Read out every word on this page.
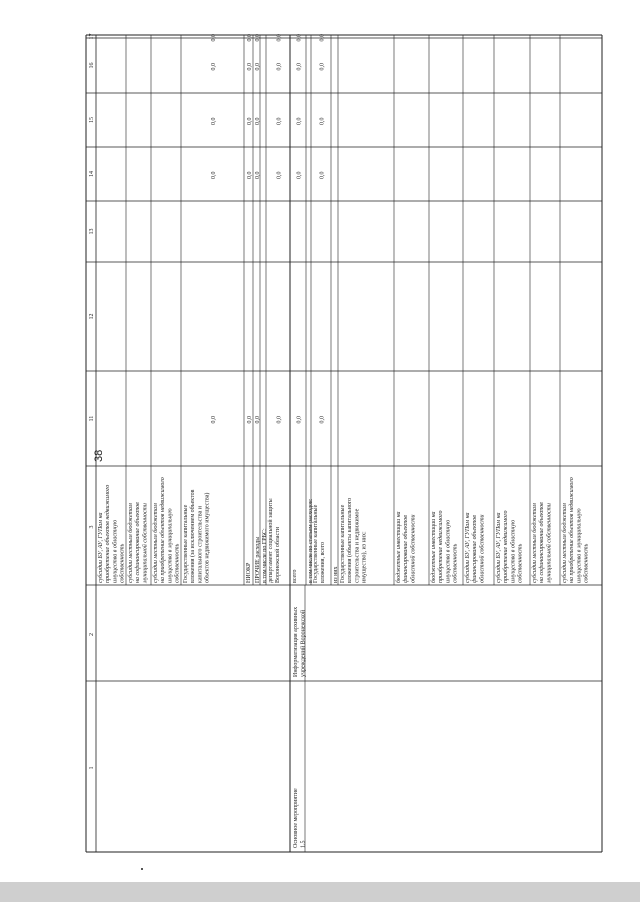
38
1
2
3
11
12
13
14
15
16
17
субсидии БУ, АУ, ГУПам на приобретение объектов недвижимого имущества в областную собственность субсидии местным бюджетам на софинансирование объектов муниципальной собственности субсидии местным бюджетам на приобретение объектов недвижимого имущества в муниципальную собственность Государственные капитальные вложения (за исключением объектов капитального строительства и объектов недвижимого имущества)
0,0
0,0
0,0
0,0
0,0
НИОКР
0,0
0,0
0,0
0,0
0,0
ПРОЧИЕ расходы
0,0
0,0
0,0
0,0
0,0
в том числе по ГРБС: департамент социальной защиты Воронежской области
0,0
0,0
0,0
0,0
0,0
всего
0,0
0,0
0,0
0,0
0,0
в том числе по статьям расходов: Государственные капитальные вложения, всего
0,0
0,0
0,0
0,0
0,0
из них Государственные капитальные вложения (объекты капитального строительства и недвижимое имущество), из них:	бюджетные инвестиции на финансирование объектов областной собственности бюджетные инвестиции на приобретение недвижимого имущества в областную собственность субсидии БУ, АУ, ГУПам на финансирование объектов областной собственности субсидии БУ, АУ, ГУПам на приобретение недвижимого имущества в областную собственность субсидии местным бюджетам на софинансирование объектов муниципальной собственности субсидии местным бюджетам на приобретение объектов недвижимого имущества в муниципальную собственность
Основное мероприятие 1.5
Информатизация архивных учреждений Воронежской
